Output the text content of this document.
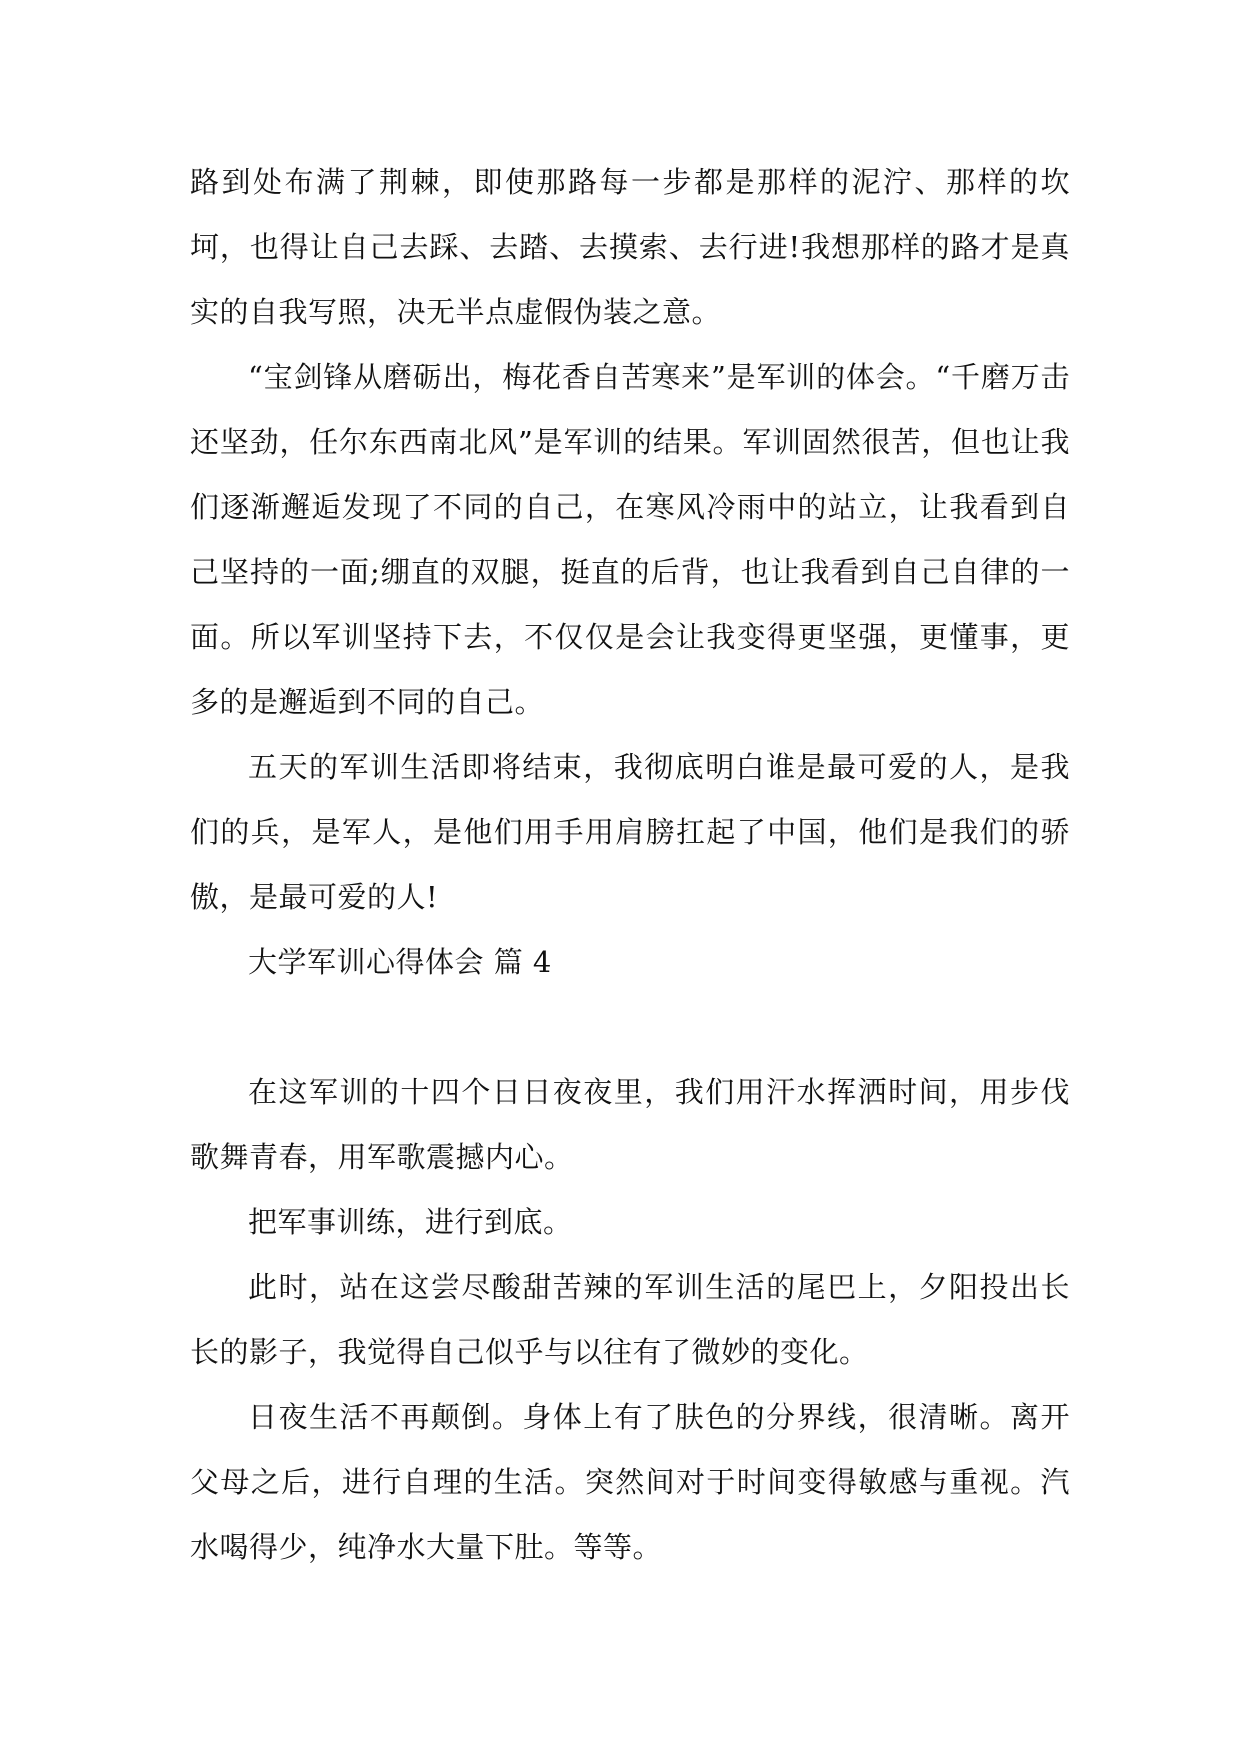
路到处布满了荆棘，即使那路每一步都是那样的泥泞、那样的坎坷，也得让自己去踩、去踏、去摸索、去行进!我想那样的路才是真实的自我写照，决无半点虚假伪装之意。

“宝剑锋从磨砺出，梅花香自苦寒来”是军训的体会。“千磨万击还坚劲，任尔东西南北风”是军训的结果。军训固然很苦，但也让我们逐渐邂逅发现了不同的自己，在寒风冷雨中的站立，让我看到自己坚持的一面;绷直的双腿，挺直的后背，也让我看到自己自律的一面。所以军训坚持下去，不仅仅是会让我变得更坚强，更懂事，更多的是邂逅到不同的自己。

五天的军训生活即将结束，我彻底明白谁是最可爱的人，是我们的兵，是军人，是他们用手用肩膀扛起了中国，他们是我们的骄傲，是最可爱的人!

大学军训心得体会 篇 4

在这军训的十四个日日夜夜里，我们用汗水挥洒时间，用步伐歌舞青春，用军歌震撼内心。

把军事训练，进行到底。

此时，站在这尝尽酸甜苦辣的军训生活的尾巴上，夕阳投出长长的影子，我觉得自己似乎与以往有了微妙的变化。

日夜生活不再颠倒。身体上有了肤色的分界线，很清晰。离开父母之后，进行自理的生活。突然间对于时间变得敏感与重视。汽水喝得少，纯净水大量下肚。等等。
